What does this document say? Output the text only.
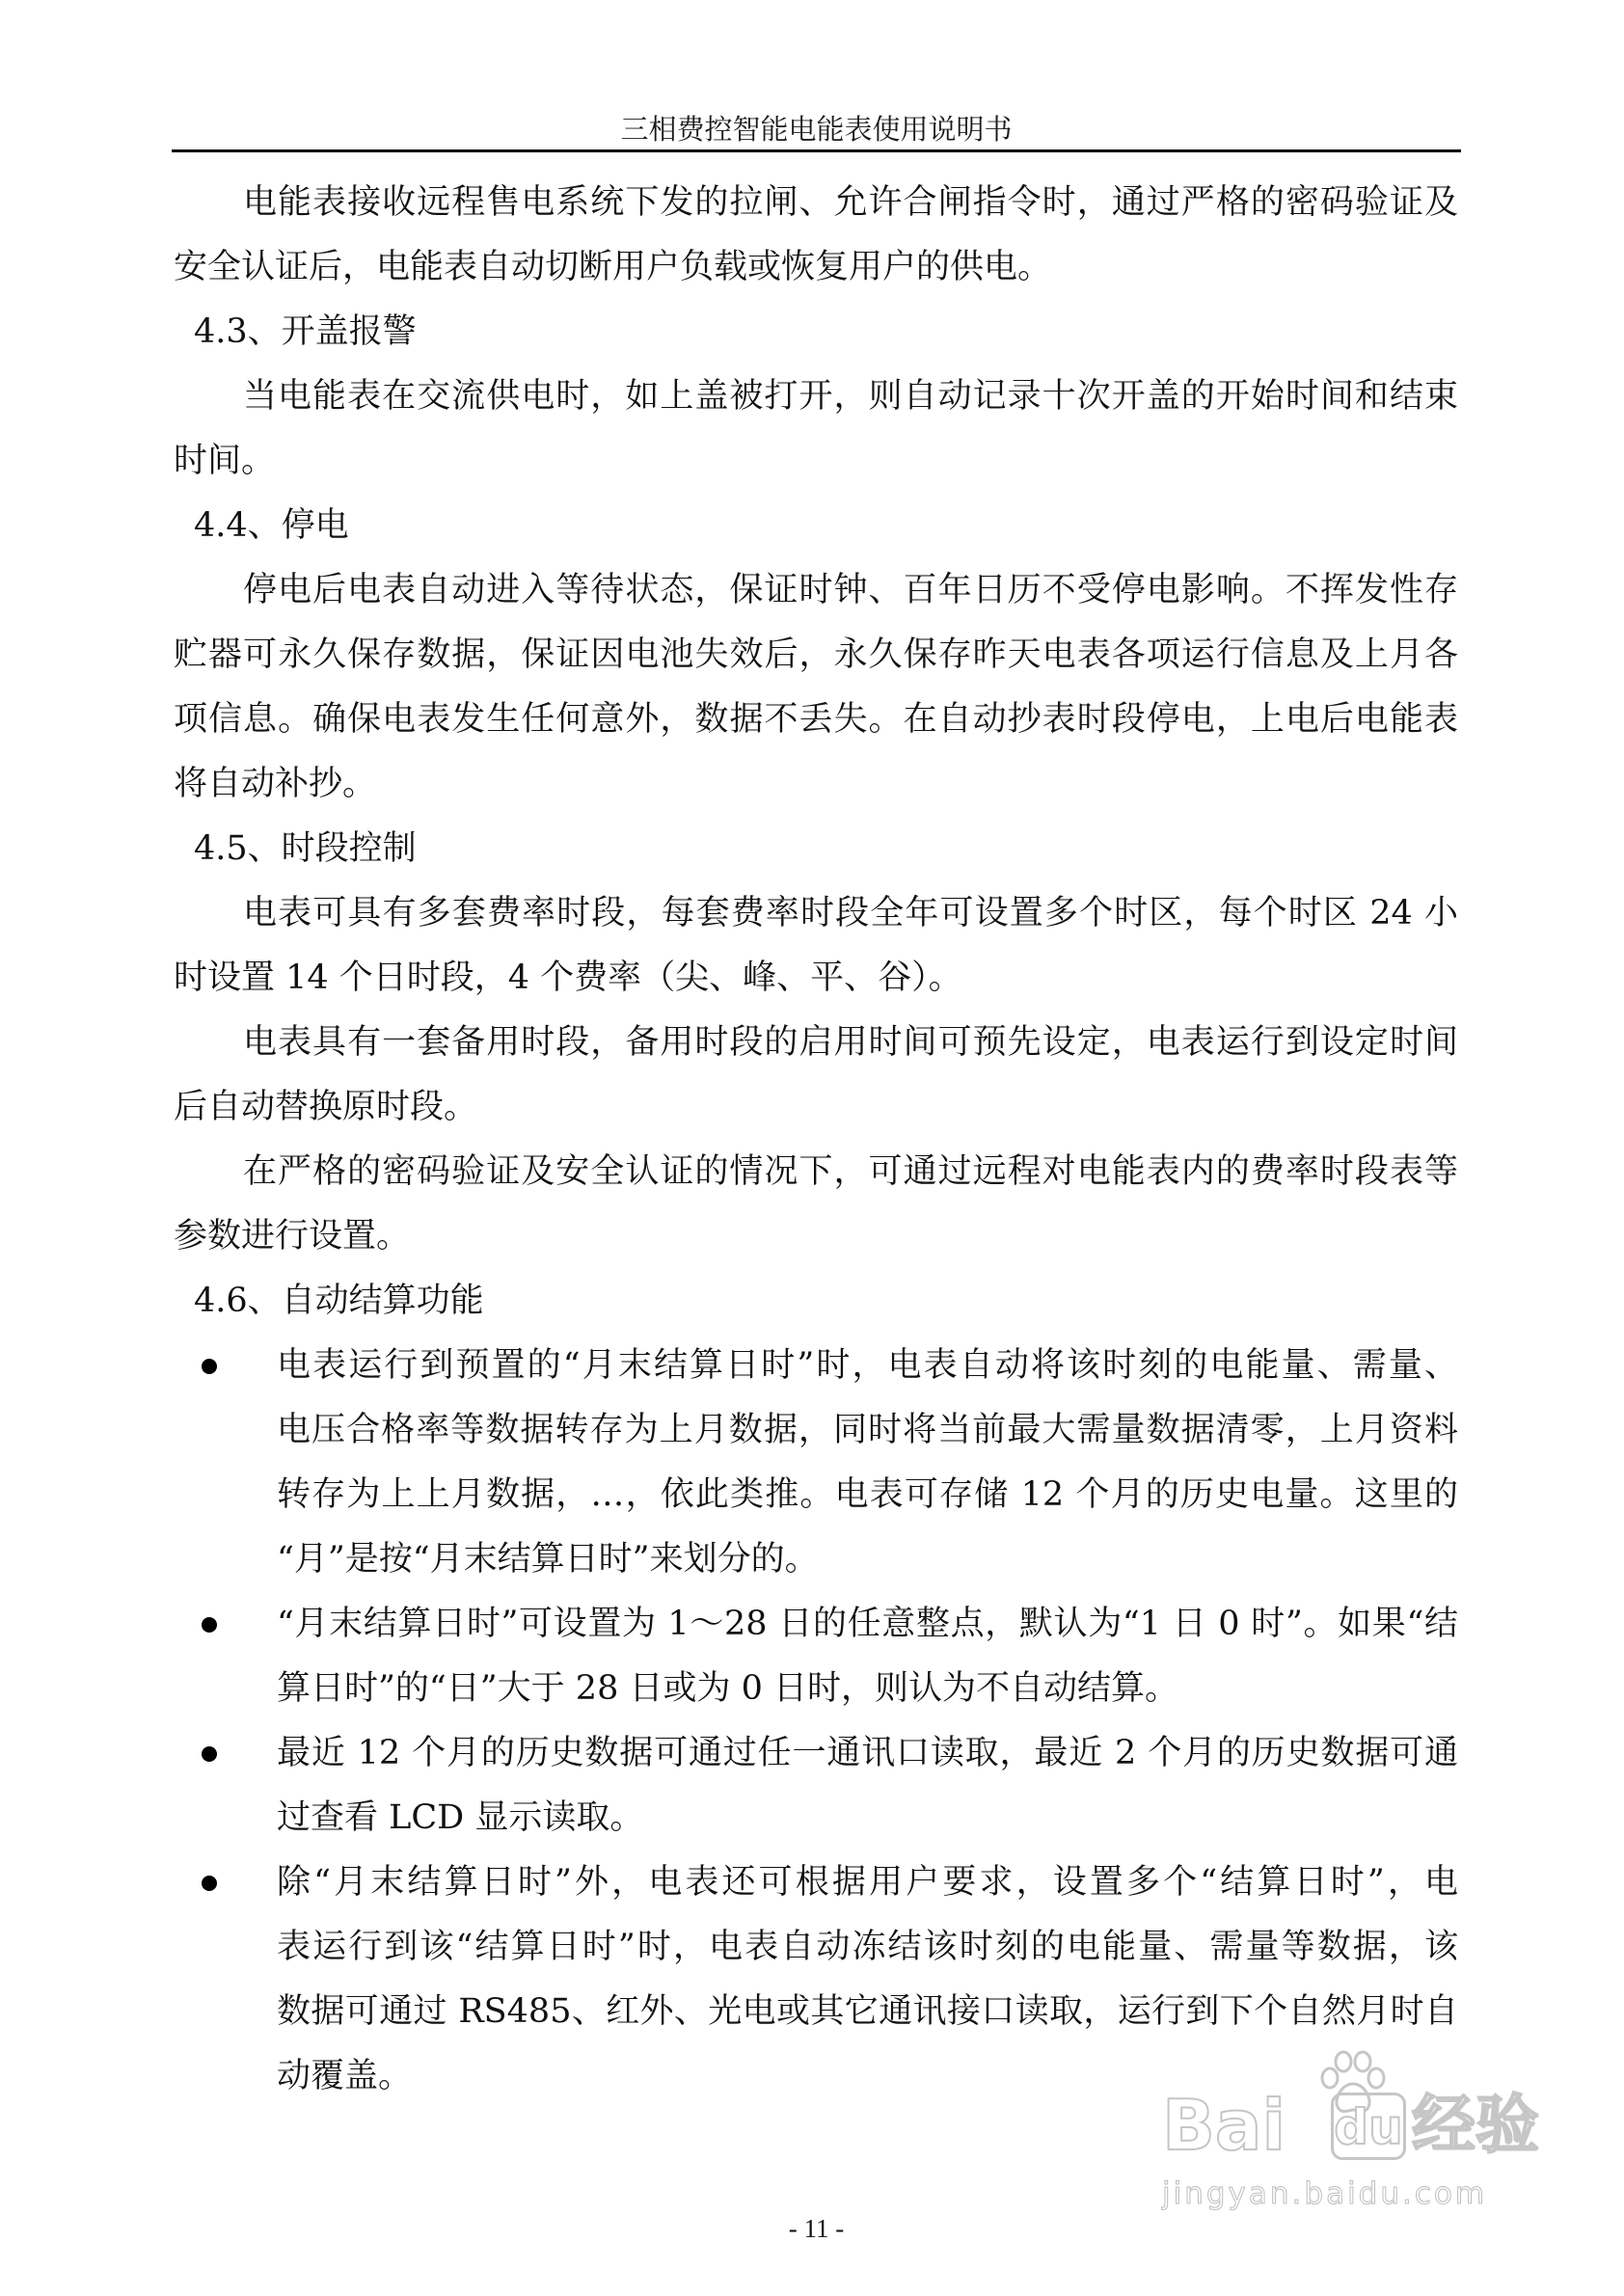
三相费控智能电能表使用说明书
电能表接收远程售电系统下发的拉闸、允许合闸指令时，通过严格的密码验证及
安全认证后，电能表自动切断用户负载或恢复用户的供电。
4.3、开盖报警
当电能表在交流供电时，如上盖被打开，则自动记录十次开盖的开始时间和结束
时间。
4.4、停电
停电后电表自动进入等待状态，保证时钟、百年日历不受停电影响。不挥发性存
贮器可永久保存数据，保证因电池失效后，永久保存昨天电表各项运行信息及上月各
项信息。确保电表发生任何意外，数据不丢失。在自动抄表时段停电，上电后电能表
将自动补抄。
4.5、时段控制
电表可具有多套费率时段，每套费率时段全年可设置多个时区，每个时区 24 小
时设置 14 个日时段，4 个费率（尖、峰、平、谷）。
电表具有一套备用时段，备用时段的启用时间可预先设定，电表运行到设定时间
后自动替换原时段。
在严格的密码验证及安全认证的情况下，可通过远程对电能表内的费率时段表等
参数进行设置。
4.6、自动结算功能
电表运行到预置的“月末结算日时”时，电表自动将该时刻的电能量、需量、
电压合格率等数据转存为上月数据，同时将当前最大需量数据清零，上月资料
转存为上上月数据，…，依此类推。电表可存储 12 个月的历史电量。这里的
“月”是按“月末结算日时”来划分的。
“月末结算日时”可设置为 1～28 日的任意整点，默认为“1 日 0 时”。如果“结
算日时”的“日”大于 28 日或为 0 日时，则认为不自动结算。
最近 12 个月的历史数据可通过任一通讯口读取，最近 2 个月的历史数据可通
过查看 LCD 显示读取。
除“月末结算日时”外，电表还可根据用户要求，设置多个“结算日时”，电
表运行到该“结算日时”时，电表自动冻结该时刻的电能量、需量等数据，该
数据可通过 RS485、红外、光电或其它通讯接口读取，运行到下个自然月时自
动覆盖。
Bai du 经验
jingyan.baidu.com
- 11 -
